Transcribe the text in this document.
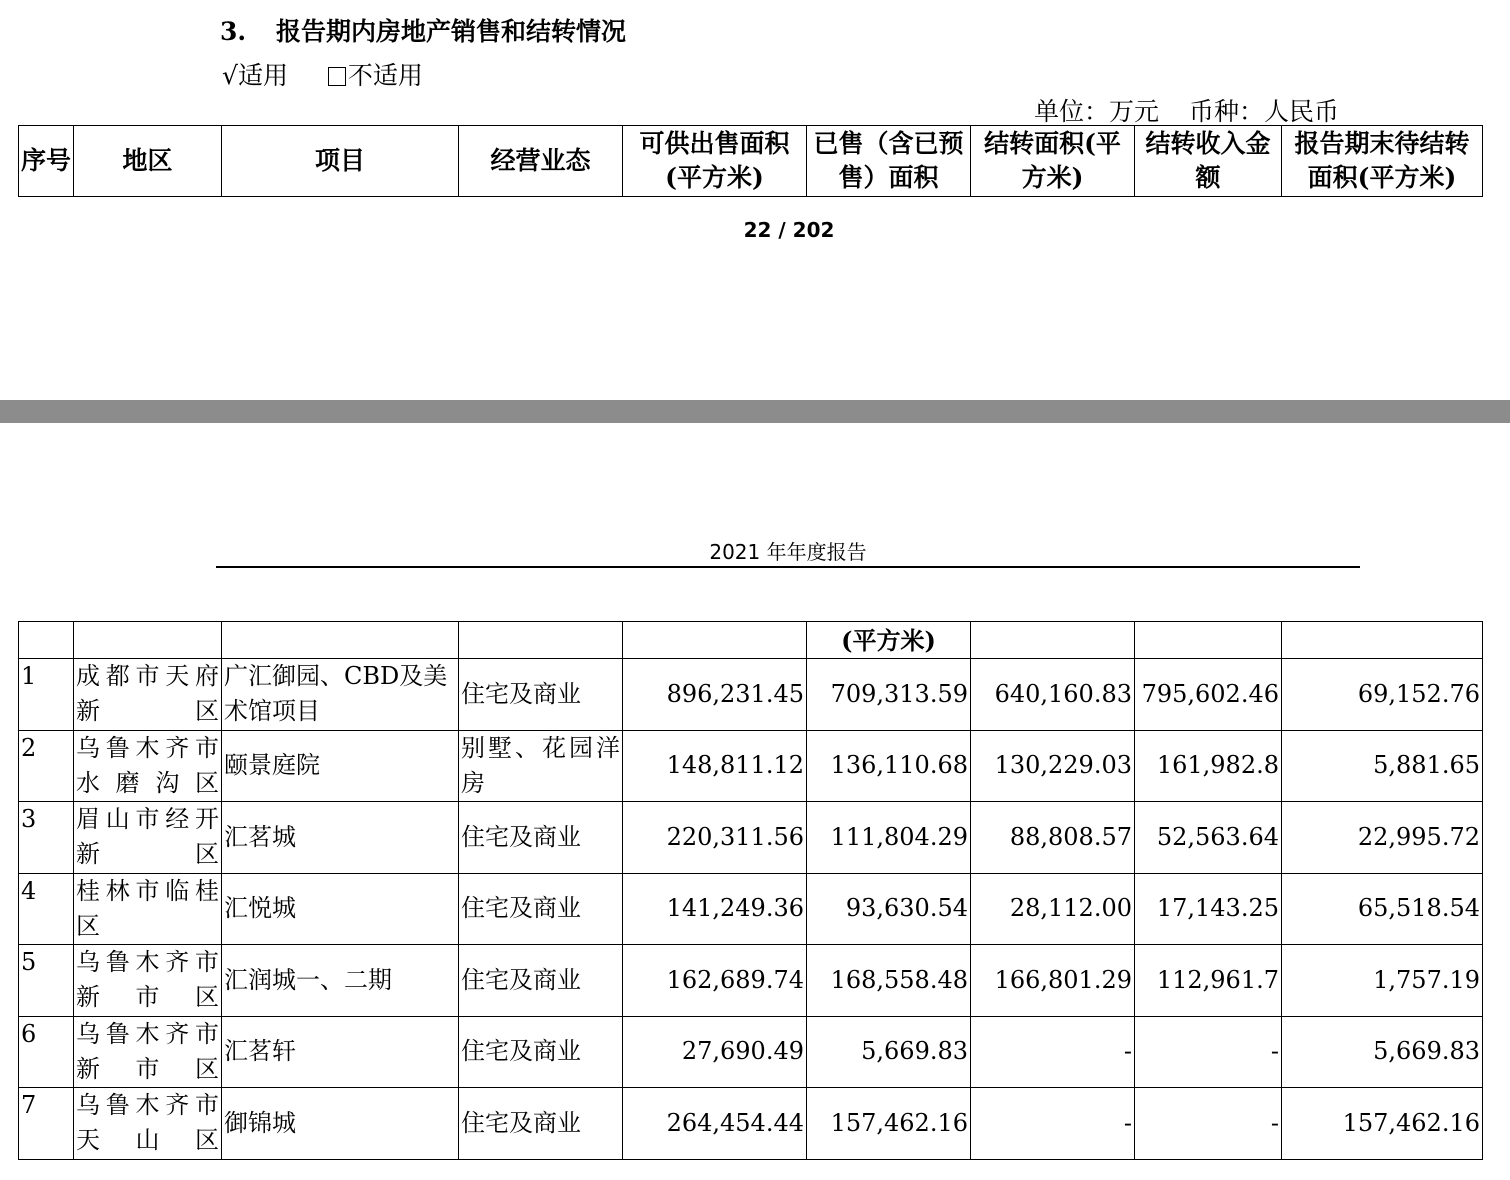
3. 报告期内房地产销售和结转情况
√适用 不适用
单位：万元 币种：人民币
序号	地区	项目	经营业态	可供出售面积(平方米)	已售（含已预售）面积	结转面积(平方米)	结转收入金额	报告期末待结转面积(平方米)
22 / 202
2021 年年度报告
					(平方米)			
1	成都市天府新区	广汇御园、CBD及美术馆项目	住宅及商业	896,231.45	709,313.59	640,160.83	795,602.46	69,152.76
2	乌鲁木齐市水磨沟区	颐景庭院	别墅、花园洋房	148,811.12	136,110.68	130,229.03	161,982.8	5,881.65
3	眉山市经开新区	汇茗城	住宅及商业	220,311.56	111,804.29	88,808.57	52,563.64	22,995.72
4	桂林市临桂区	汇悦城	住宅及商业	141,249.36	93,630.54	28,112.00	17,143.25	65,518.54
5	乌鲁木齐市新市区	汇润城一、二期	住宅及商业	162,689.74	168,558.48	166,801.29	112,961.7	1,757.19
6	乌鲁木齐市新市区	汇茗轩	住宅及商业	27,690.49	5,669.83	-	-	5,669.83
7	乌鲁木齐市天山区	御锦城	住宅及商业	264,454.44	157,462.16	-	-	157,462.16
